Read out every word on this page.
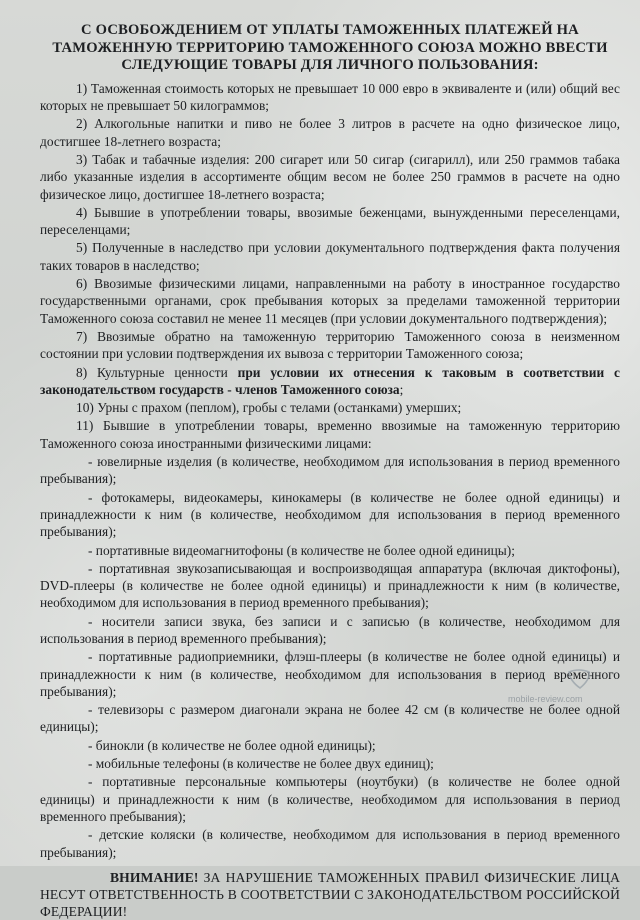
С ОСВОБОЖДЕНИЕМ ОТ УПЛАТЫ ТАМОЖЕННЫХ ПЛАТЕЖЕЙ НА ТАМОЖЕННУЮ ТЕРРИТОРИЮ ТАМОЖЕННОГО СОЮЗА МОЖНО ВВЕСТИ СЛЕДУЮЩИЕ ТОВАРЫ ДЛЯ ЛИЧНОГО ПОЛЬЗОВАНИЯ:
1) Таможенная стоимость которых не превышает 10 000 евро в эквиваленте и (или) общий вес которых не превышает 50 килограммов;
2) Алкогольные напитки и пиво не более 3 литров в расчете на одно физическое лицо, достигшее 18-летнего возраста;
3) Табак и табачные изделия: 200 сигарет или 50 сигар (сигарилл), или 250 граммов табака либо указанные изделия в ассортименте общим весом не более 250 граммов в расчете на одно физическое лицо, достигшее 18-летнего возраста;
4) Бывшие в употреблении товары, ввозимые беженцами, вынужденными переселенцами, переселенцами;
5) Полученные в наследство при условии документального подтверждения факта получения таких товаров в наследство;
6) Ввозимые физическими лицами, направленными на работу в иностранное государство государственными органами, срок пребывания которых за пределами таможенной территории Таможенного союза составил не менее 11 месяцев (при условии документального подтверждения);
7) Ввозимые обратно на таможенную территорию Таможенного союза в неизменном состоянии при условии подтверждения их вывоза с территории Таможенного союза;
8) Культурные ценности при условии их отнесения к таковым в соответствии с законодательством государств - членов Таможенного союза;
10) Урны с прахом (пеплом), гробы с телами (останками) умерших;
11) Бывшие в употреблении товары, временно ввозимые на таможенную территорию Таможенного союза иностранными физическими лицами:
- ювелирные изделия (в количестве, необходимом для использования в период временного пребывания);
- фотокамеры, видеокамеры, кинокамеры (в количестве не более одной единицы) и принадлежности к ним (в количестве, необходимом для использования в период временного пребывания);
- портативные видеомагнитофоны (в количестве не более одной единицы);
- портативная звукозаписывающая и воспроизводящая аппаратура (включая диктофоны), DVD-плееры (в количестве не более одной единицы) и принадлежности к ним (в количестве, необходимом для использования в период временного пребывания);
- носители записи звука, без записи и с записью (в количестве, необходимом для использования в период временного пребывания);
- портативные радиоприемники, флэш-плееры (в количестве не более одной единицы) и принадлежности к ним (в количестве, необходимом для использования в период временного пребывания);
- телевизоры с размером диагонали экрана не более 42 см (в количестве не более одной единицы);
- бинокли (в количестве не более одной единицы);
- мобильные телефоны (в количестве не более двух единиц);
- портативные персональные компьютеры (ноутбуки) (в количестве не более одной единицы) и принадлежности к ним (в количестве, необходимом для использования в период временного пребывания);
- детские коляски (в количестве, необходимом для использования в период временного пребывания);
ВНИМАНИЕ! ЗА НАРУШЕНИЕ ТАМОЖЕННЫХ ПРАВИЛ ФИЗИЧЕСКИЕ ЛИЦА НЕСУТ ОТВЕТСТВЕННОСТЬ В СООТВЕТСТВИИ С ЗАКОНОДАТЕЛЬСТВОМ РОССИЙСКОЙ ФЕДЕРАЦИИ!
mobile-review.com
